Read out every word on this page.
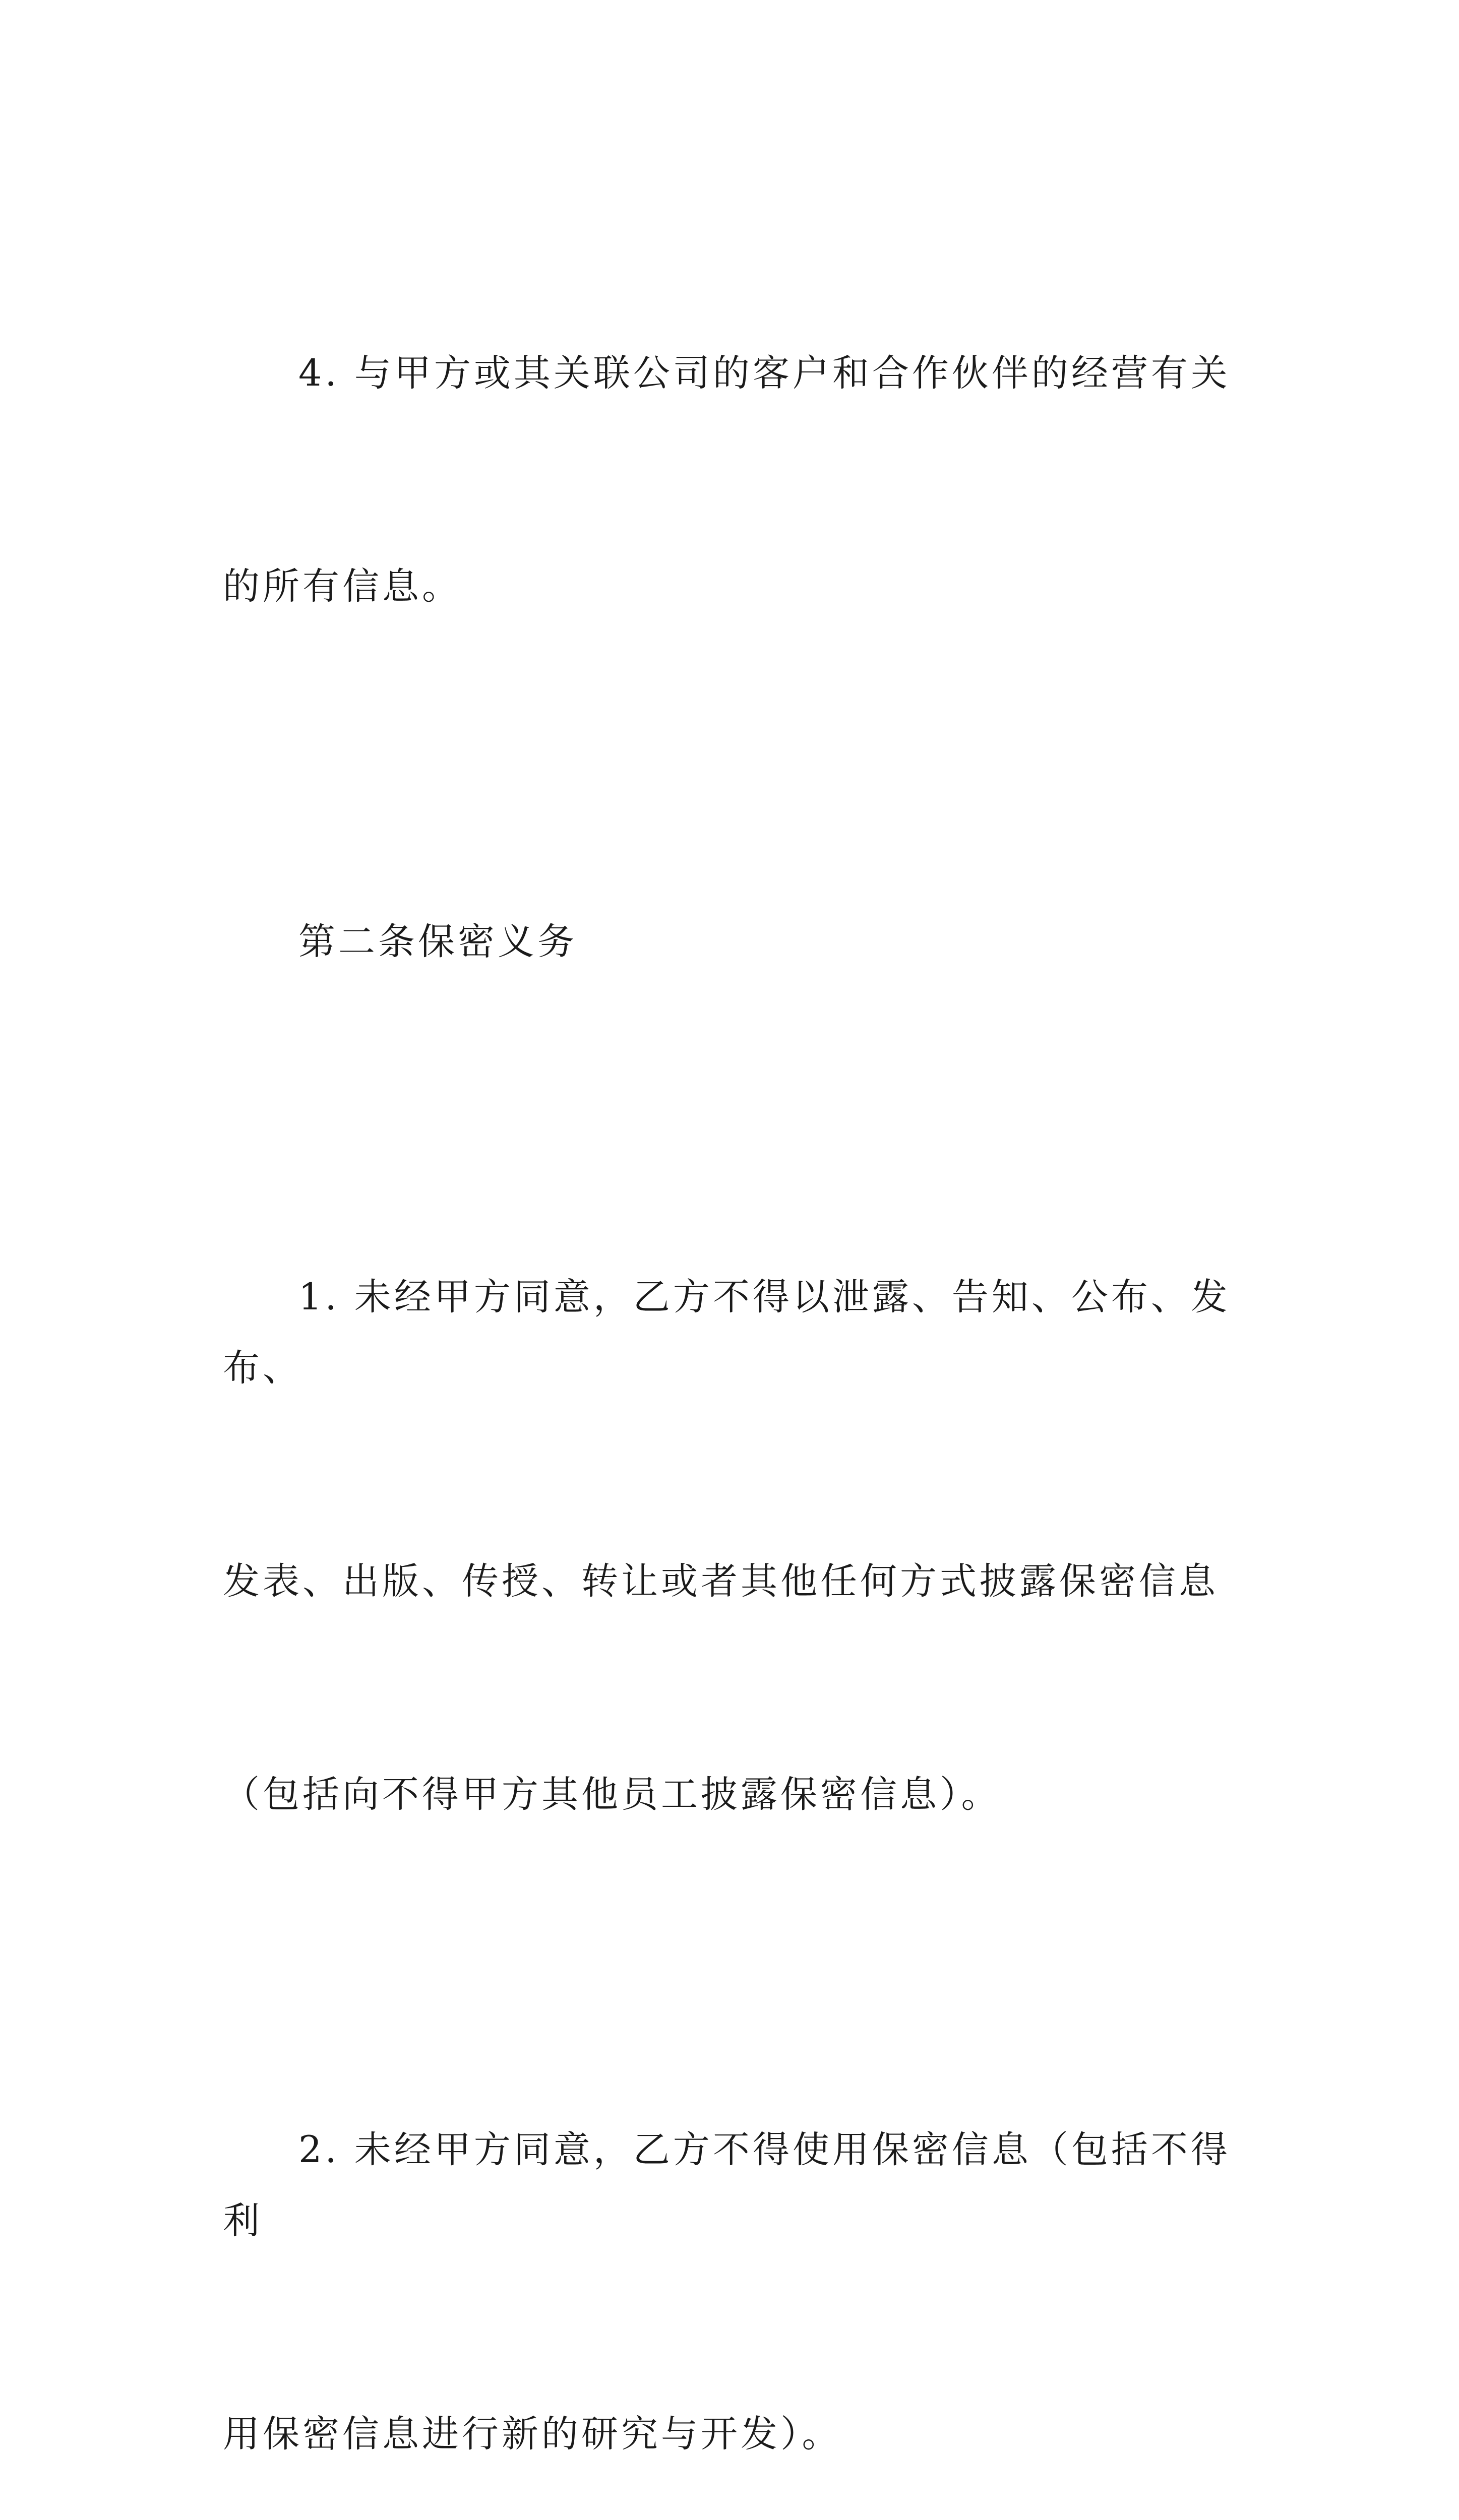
4. 与甲方或其关联公司的客户和合作伙伴的经营有关

的所有信息。

第二条保密义务

1. 未经甲方同意，乙方不得以泄露、告知、公布、发布、

发表、出版、传授、转让或者其他任何方式披露保密信息

（包括向不得甲方其他员工披露保密信息）。

2. 未经甲方同意，乙方不得使用保密信息（包括不得利

用保密信息进行新的研究与开发）。
